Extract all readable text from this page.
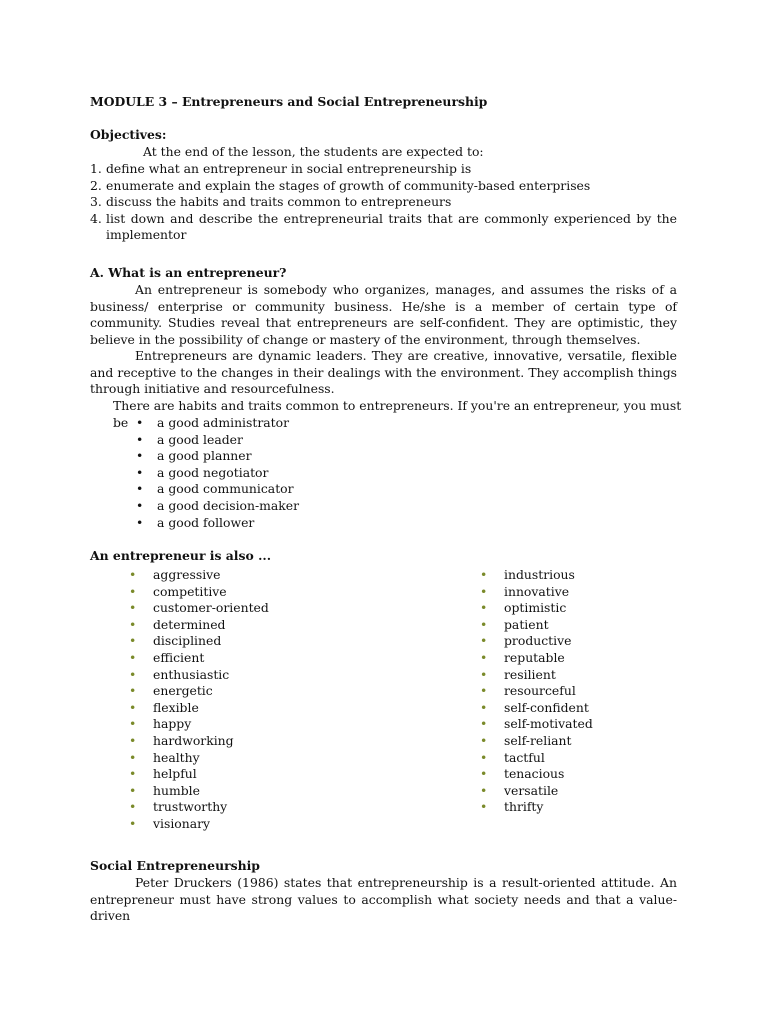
MODULE 3 – Entrepreneurs and Social Entrepreneurship
Objectives:
At the end of the lesson, the students are expected to:
1. define what an entrepreneur in social entrepreneurship is
2. enumerate and explain the stages of growth of community-based enterprises
3. discuss the habits and traits common to entrepreneurs
4. list down and describe the entrepreneurial traits that are commonly experienced by the implementor
A. What is an entrepreneur?

An entrepreneur is somebody who organizes, manages, and assumes the risks of a business/ enterprise or community business. He/she is a member of certain type of community. Studies reveal that entrepreneurs are self-confident. They are optimistic, they believe in the possibility of change or mastery of the environment, through themselves.

Entrepreneurs are dynamic leaders. They are creative, innovative, versatile, flexible and receptive to the changes in their dealings with the environment. They accomplish things through initiative and resourcefulness.

There are habits and traits common to entrepreneurs. If you're an entrepreneur, you must be

•	a good administrator
• a good leader
• a good planner
• a good negotiator
• a good communicator
• a good decision-maker
• a good follower
An entrepreneur is also ...
• aggressive
• competitive
• customer-oriented
• determined
• disciplined
• efficient
• enthusiastic
• energetic
• flexible
• happy
• hardworking
• healthy
• helpful
• humble
• trustworthy
• visionary
• industrious
• innovative
• optimistic
• patient
• productive
• reputable
• resilient
• resourceful
• self-confident
• self-motivated
• self-reliant
• tactful
• tenacious
• versatile
• thrifty
Social Entrepreneurship

Peter Druckers (1986) states that entrepreneurship is a result-oriented attitude. An entrepreneur must have strong values to accomplish what society needs and that a value-driven
